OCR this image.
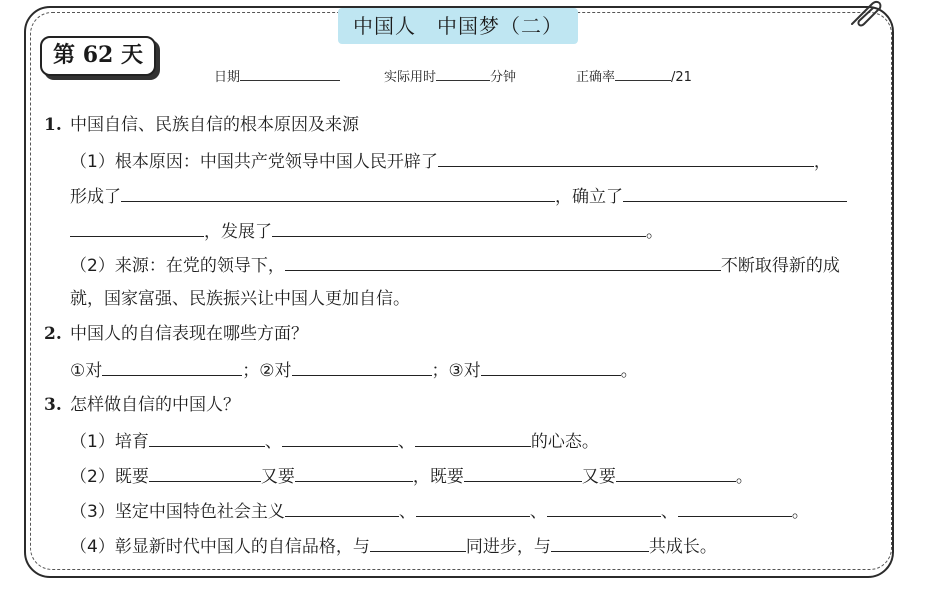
中国人　中国梦（二）
第 62 天
日期	实际用时	分钟	正确率	/21
1. 中国自信、民族自信的根本原因及来源
（1）根本原因：中国共产党领导中国人民开辟了	，
形成了	，确立了
，发展了	。
（2）来源：在党的领导下，	不断取得新的成
就，国家富强、民族振兴让中国人更加自信。
2. 中国人的自信表现在哪些方面？
①对	；②对	；③对	。
3. 怎样做自信的中国人？
（1）培育	、	、	的心态。
（2）既要	又要	，既要	又要	。
（3）坚定中国特色社会主义	、	、	、	。
（4）彰显新时代中国人的自信品格，与	同进步，与	共成长。
